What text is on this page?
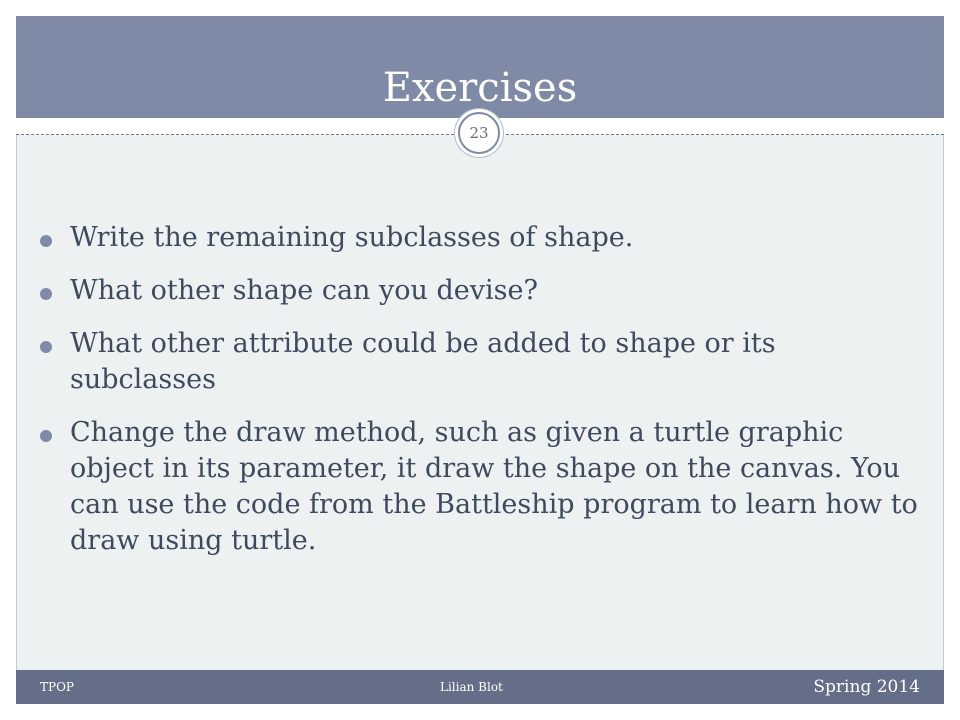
Exercises
23
Write the remaining subclasses of shape.
What other shape can you devise?
What other attribute could be added to shape or its subclasses
Change the draw method, such as given a turtle graphic object in its parameter, it draw the shape on the canvas. You can use the code from the Battleship program to learn how to draw using turtle.
TPOP	Lilian Blot	Spring 2014
